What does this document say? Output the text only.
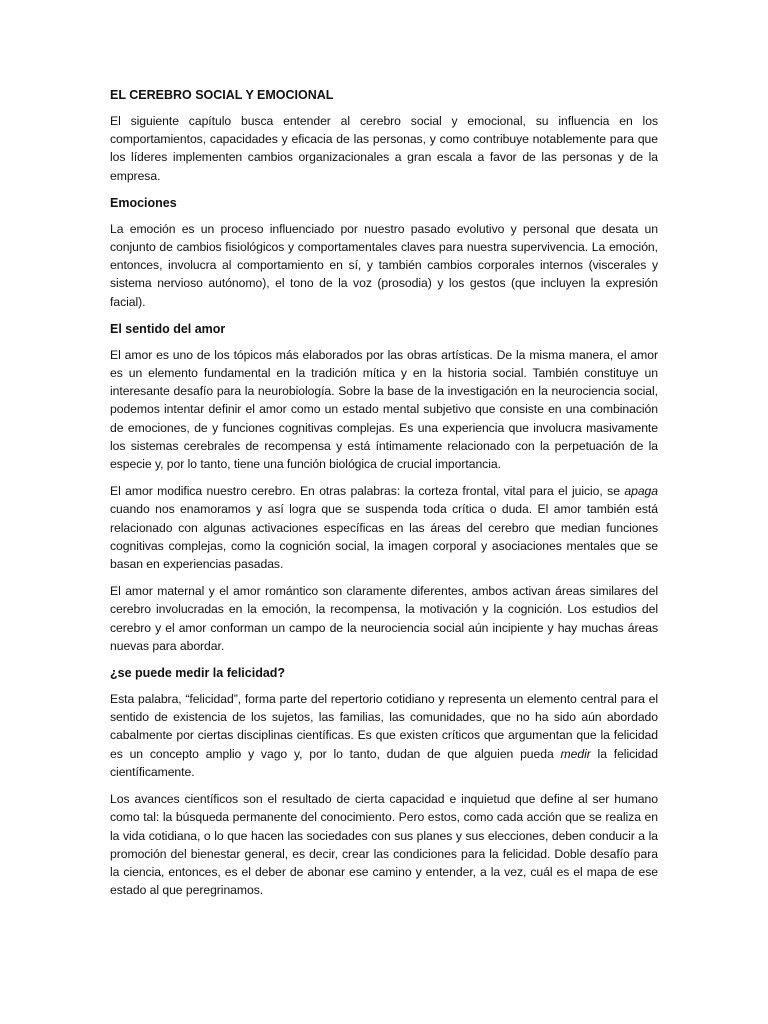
EL CEREBRO SOCIAL Y EMOCIONAL

El siguiente capítulo busca entender al cerebro social y emocional, su influencia en los comportamientos, capacidades y eficacia de las personas, y como contribuye notablemente para que los líderes implementen cambios organizacionales a gran escala a favor de las personas y de la empresa.

Emociones

La emoción es un proceso influenciado por nuestro pasado evolutivo y personal que desata un conjunto de cambios fisiológicos y comportamentales claves para nuestra supervivencia. La emoción, entonces, involucra al comportamiento en sí, y también cambios corporales internos (viscerales y sistema nervioso autónomo), el tono de la voz (prosodia) y los gestos (que incluyen la expresión facial).

El sentido del amor

El amor es uno de los tópicos más elaborados por las obras artísticas. De la misma manera, el amor es un elemento fundamental en la tradición mítica y en la historia social. También constituye un interesante desafío para la neurobiología. Sobre la base de la investigación en la neurociencia social, podemos intentar definir el amor como un estado mental subjetivo que consiste en una combinación de emociones, de y funciones cognitivas complejas. Es una experiencia que involucra masivamente los sistemas cerebrales de recompensa y está íntimamente relacionado con la perpetuación de la especie y, por lo tanto, tiene una función biológica de crucial importancia.

El amor modifica nuestro cerebro. En otras palabras: la corteza frontal, vital para el juicio, se apaga cuando nos enamoramos y así logra que se suspenda toda crítica o duda. El amor también está relacionado con algunas activaciones específicas en las áreas del cerebro que median funciones cognitivas complejas, como la cognición social, la imagen corporal y asociaciones mentales que se basan en experiencias pasadas.

El amor maternal y el amor romántico son claramente diferentes, ambos activan áreas similares del cerebro involucradas en la emoción, la recompensa, la motivación y la cognición. Los estudios del cerebro y el amor conforman un campo de la neurociencia social aún incipiente y hay muchas áreas nuevas para abordar.

¿se puede medir la felicidad?

Esta palabra, “felicidad”, forma parte del repertorio cotidiano y representa un elemento central para el sentido de existencia de los sujetos, las familias, las comunidades, que no ha sido aún abordado cabalmente por ciertas disciplinas científicas. Es que existen críticos que argumentan que la felicidad es un concepto amplio y vago y, por lo tanto, dudan de que alguien pueda medir la felicidad científicamente.

Los avances científicos son el resultado de cierta capacidad e inquietud que define al ser humano como tal: la búsqueda permanente del conocimiento. Pero estos, como cada acción que se realiza en la vida cotidiana, o lo que hacen las sociedades con sus planes y sus elecciones, deben conducir a la promoción del bienestar general, es decir, crear las condiciones para la felicidad. Doble desafío para la ciencia, entonces, es el deber de abonar ese camino y entender, a la vez, cuál es el mapa de ese estado al que peregrinamos.
